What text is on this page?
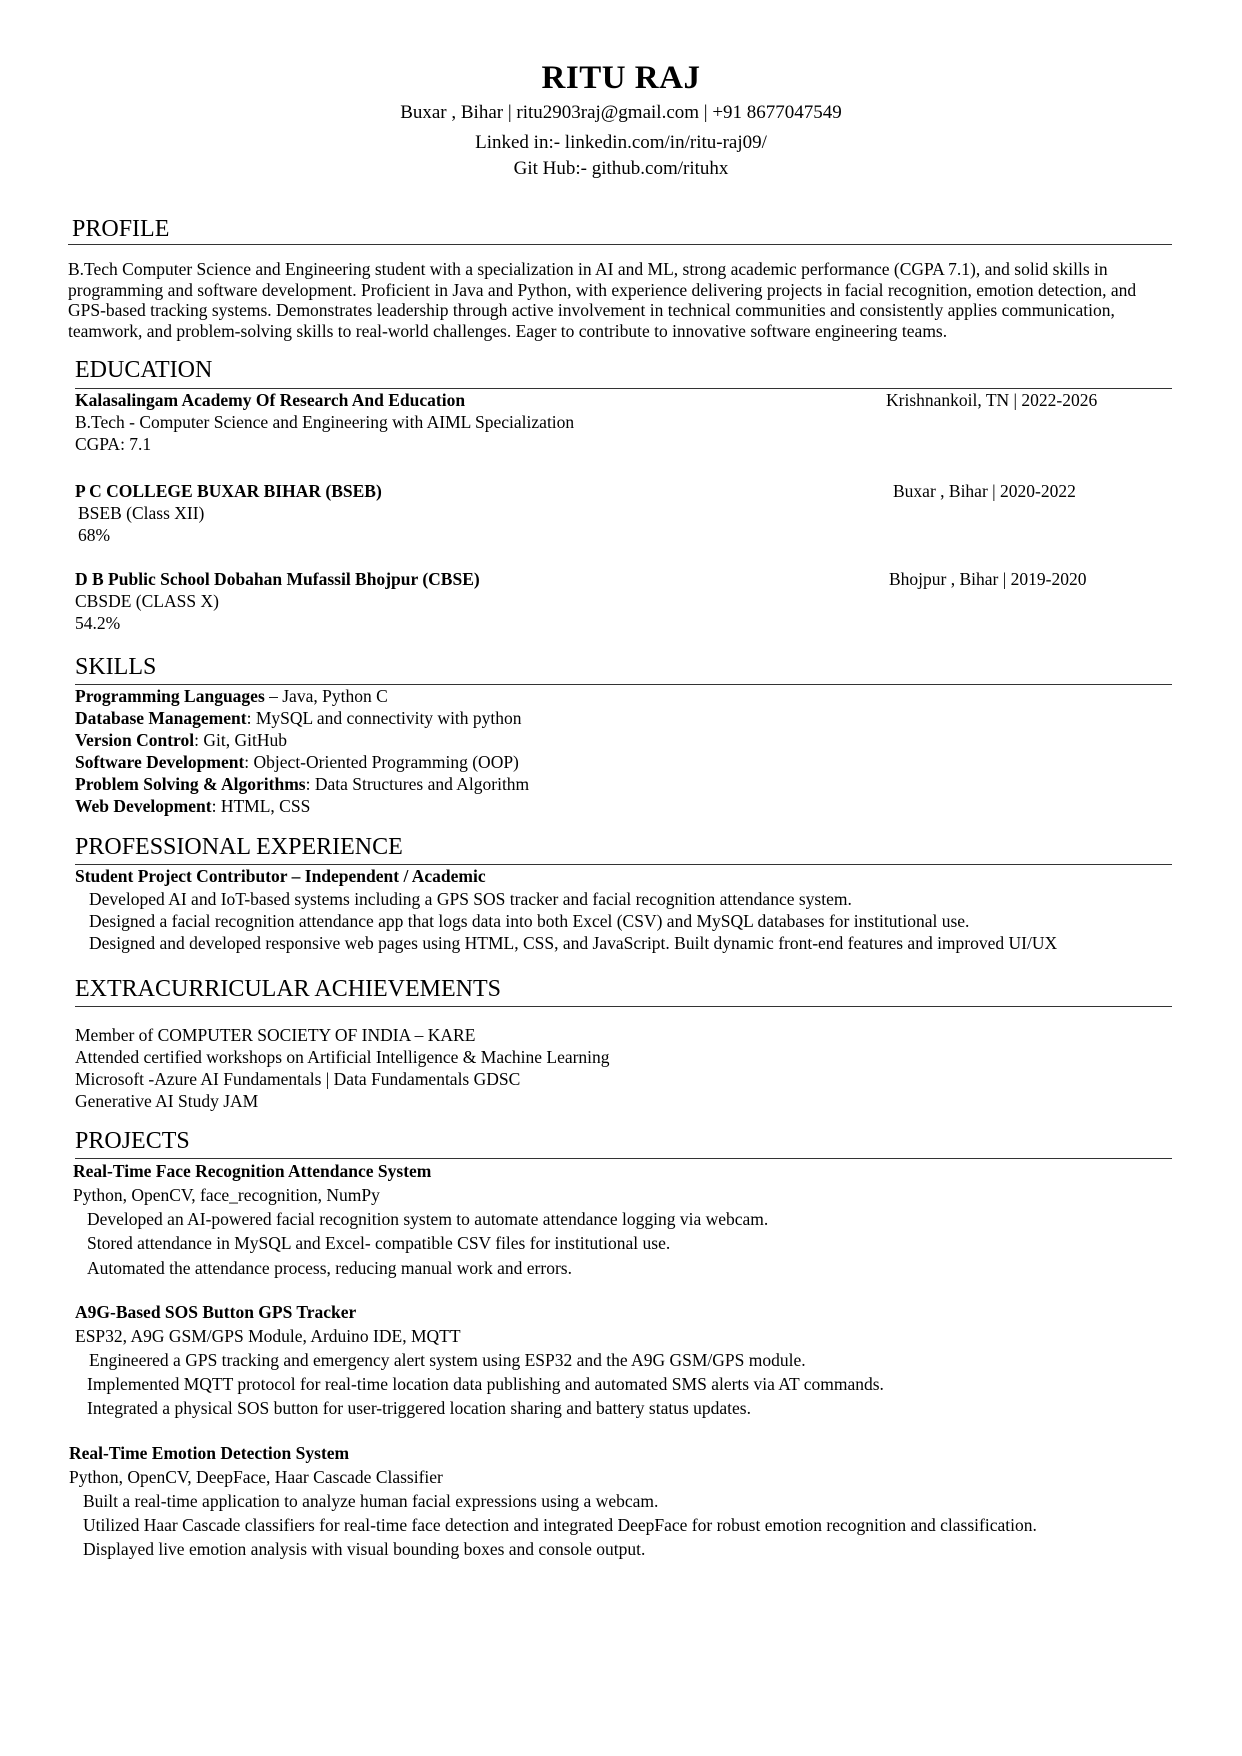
RITU RAJ
Buxar , Bihar | ritu2903raj@gmail.com | +91 8677047549
Linked in:- linkedin.com/in/ritu-raj09/
Git Hub:- github.com/rituhx
PROFILE
B.Tech Computer Science and Engineering student with a specialization in AI and ML, strong academic performance (CGPA 7.1), and solid skills in programming and software development. Proficient in Java and Python, with experience delivering projects in facial recognition, emotion detection, and GPS-based tracking systems. Demonstrates leadership through active involvement in technical communities and consistently applies communication, teamwork, and problem-solving skills to real-world challenges. Eager to contribute to innovative software engineering teams.
EDUCATION
Kalasalingam Academy Of Research And Education	Krishnankoil, TN | 2022-2026
B.Tech - Computer Science and Engineering with AIML Specialization
CGPA: 7.1
P C COLLEGE BUXAR BIHAR (BSEB)	Buxar , Bihar | 2020-2022
BSEB (Class XII)
68%
D B Public School Dobahan Mufassil Bhojpur (CBSE)	Bhojpur , Bihar | 2019-2020
CBSDE (CLASS X)
54.2%
SKILLS
Programming Languages – Java, Python C
Database Management: MySQL and connectivity with python
Version Control: Git, GitHub
Software Development: Object-Oriented Programming (OOP)
Problem Solving & Algorithms: Data Structures and Algorithm
Web Development: HTML, CSS
PROFESSIONAL EXPERIENCE
Student Project Contributor – Independent / Academic
Developed AI and IoT-based systems including a GPS SOS tracker and facial recognition attendance system.
Designed a facial recognition attendance app that logs data into both Excel (CSV) and MySQL databases for institutional use.
Designed and developed responsive web pages using HTML, CSS, and JavaScript. Built dynamic front-end features and improved UI/UX
EXTRACURRICULAR ACHIEVEMENTS
Member of COMPUTER SOCIETY OF INDIA – KARE
Attended certified workshops on Artificial Intelligence & Machine Learning
Microsoft -Azure AI Fundamentals | Data Fundamentals GDSC
Generative AI Study JAM
PROJECTS
Real-Time Face Recognition Attendance System
Python, OpenCV, face_recognition, NumPy
Developed an AI-powered facial recognition system to automate attendance logging via webcam.
Stored attendance in MySQL and Excel- compatible CSV files for institutional use.
Automated the attendance process, reducing manual work and errors.
A9G-Based SOS Button GPS Tracker
ESP32, A9G GSM/GPS Module, Arduino IDE, MQTT
Engineered a GPS tracking and emergency alert system using ESP32 and the A9G GSM/GPS module.
Implemented MQTT protocol for real-time location data publishing and automated SMS alerts via AT commands.
Integrated a physical SOS button for user-triggered location sharing and battery status updates.
Real-Time Emotion Detection System
Python, OpenCV, DeepFace, Haar Cascade Classifier
Built a real-time application to analyze human facial expressions using a webcam.
Utilized Haar Cascade classifiers for real-time face detection and integrated DeepFace for robust emotion recognition and classification.
Displayed live emotion analysis with visual bounding boxes and console output.
